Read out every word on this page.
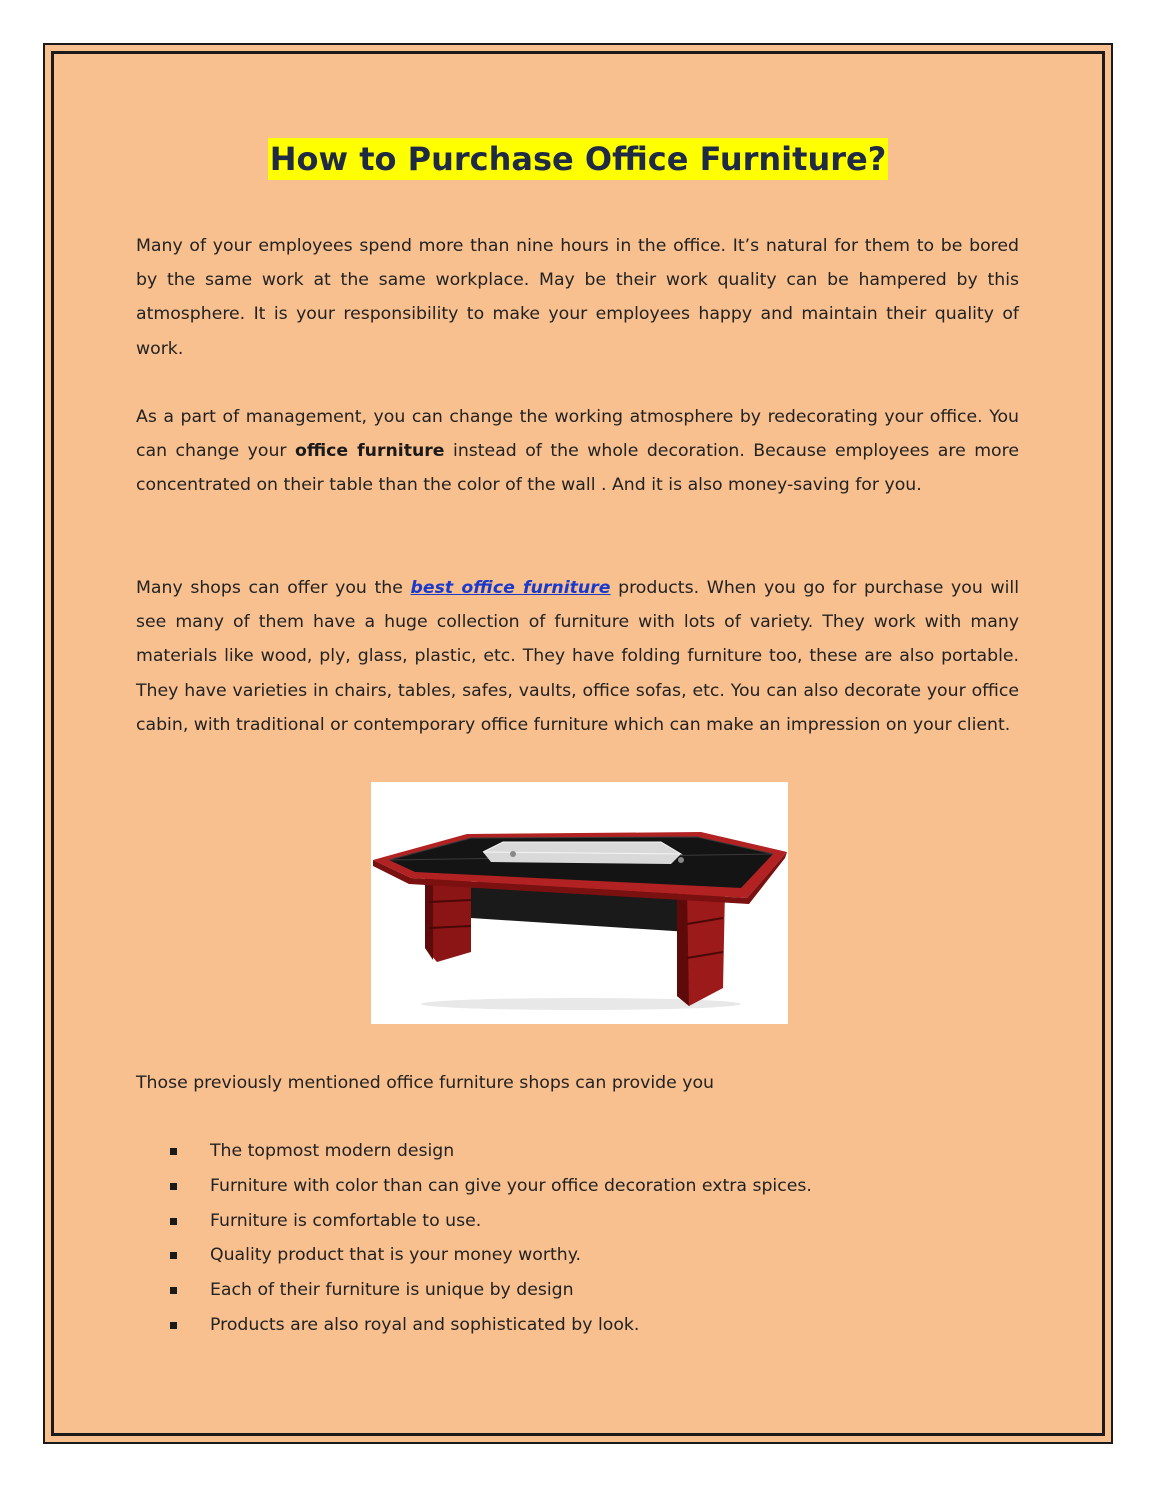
How to Purchase Office Furniture?

Many of your employees spend more than nine hours in the office. It’s natural for them to be bored by the same work at the same workplace. May be their work quality can be hampered by this atmosphere. It is your responsibility to make your employees happy and maintain their quality of work.

As a part of management, you can change the working atmosphere by redecorating your office. You can change your office furniture instead of the whole decoration. Because employees are more concentrated on their table than the color of the wall . And it is also money-saving for you.

Many shops can offer you the best office furniture products. When you go for purchase you will see many of them have a huge collection of furniture with lots of variety. They work with many materials like wood, ply, glass, plastic, etc. They have folding furniture too, these are also portable. They have varieties in chairs, tables, safes, vaults, office sofas, etc. You can also decorate your office cabin, with traditional or contemporary office furniture which can make an impression on your client.

Those previously mentioned office furniture shops can provide you

The topmost modern design
Furniture with color than can give your office decoration extra spices.
Furniture is comfortable to use.
Quality product that is your money worthy.
Each of their furniture is unique by design
Products are also royal and sophisticated by look.
